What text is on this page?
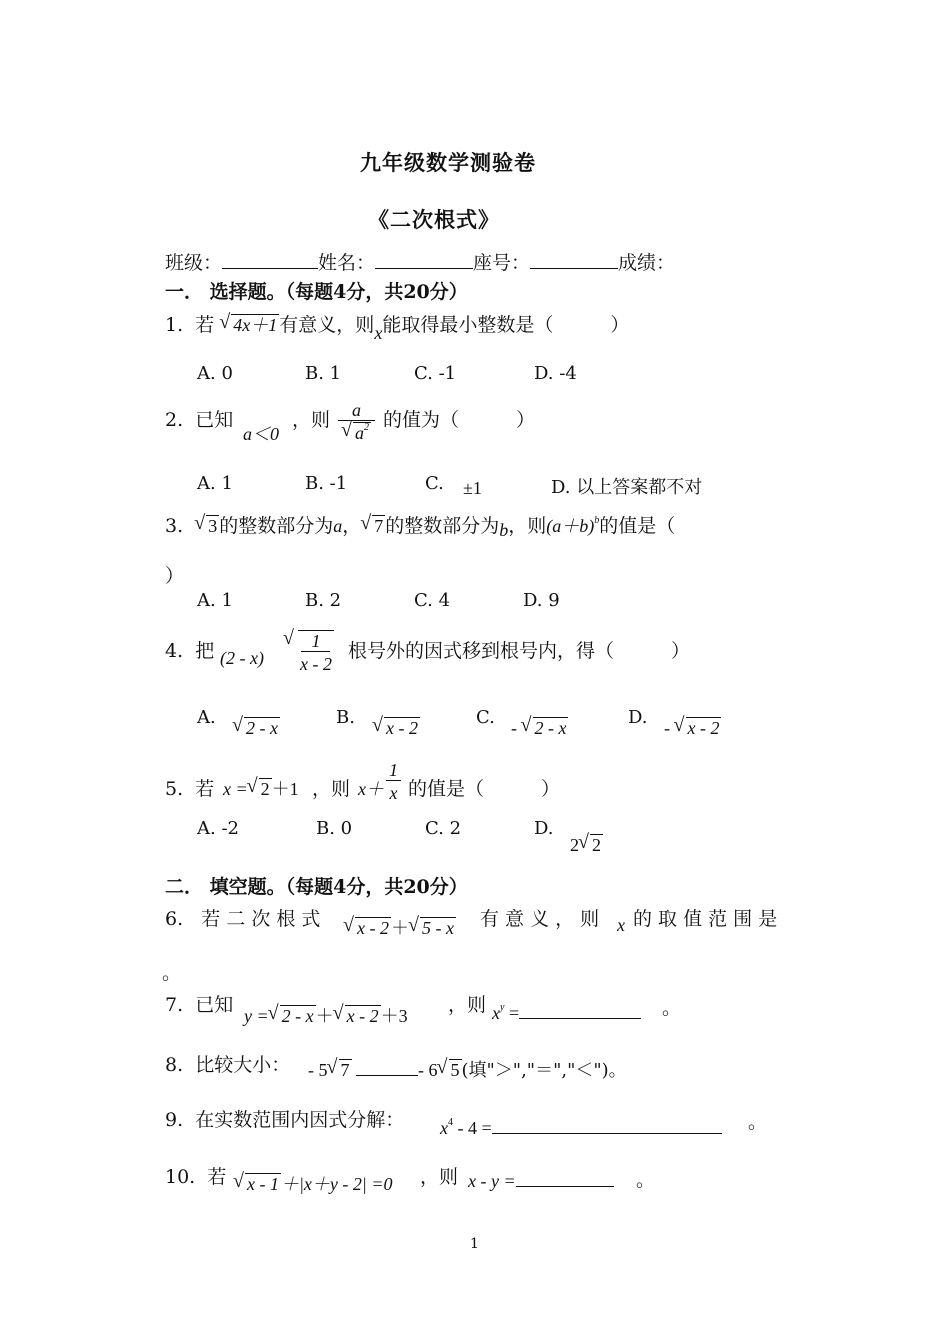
九年级数学测验卷
《二次根式》
班级：	姓名：	座号：	成绩：
一． 选择题。（每题4分，共20分）
1. 若 √ 4x＋1 有意义，则x能取得最小整数是（　　　）
A. 0	B. 1	C. -1	D. -4
2. 已知
a＜0
，则 a
√ $a^2$ 的值为（　　　）
A. 1	B. -1	C. ±1	D. 以上答案都不对
3. √ 3 的整数部分为a， √ 7 的整数部分为b，则$(a+b)^b$的值是（
）
A. 1	B. 2	C. 4	D. 9
4. 把 (2 - x) √ $\frac{1}{x - 2}$ 根号外的因式移到根号内，得（　　　）
A.	√ 2 - x	B.	√ x - 2	C. - √ 2 - x	D. - √ x - 2
5. 若 x = √ 2 ＋1 ，则 $x+ \frac{1}{x}$ 的值是（　　　）
A. -2	B. 0	C. 2	D.
2 √ 2
二． 填空题。（每题4分，共20分）
6. 若 二 次 根 式	√ x - 2 ＋ √ 5 - x 有 意 义 ， 则 x 的 取 值 范 围 是
。
7. 已知 y = √ 2 - x ＋ √ x - 2 ＋3 ，则 $x^y$ =	。
8. 比较大小： - 5 √ 7	- 6 √ 5 (填"＞","＝","＜")。
9. 在实数范围内因式分解： $x^4 - 4$ =	。
10. 若	√ x - 1 ＋|x＋y - 2| =0 ，则 x - y =	。
1
